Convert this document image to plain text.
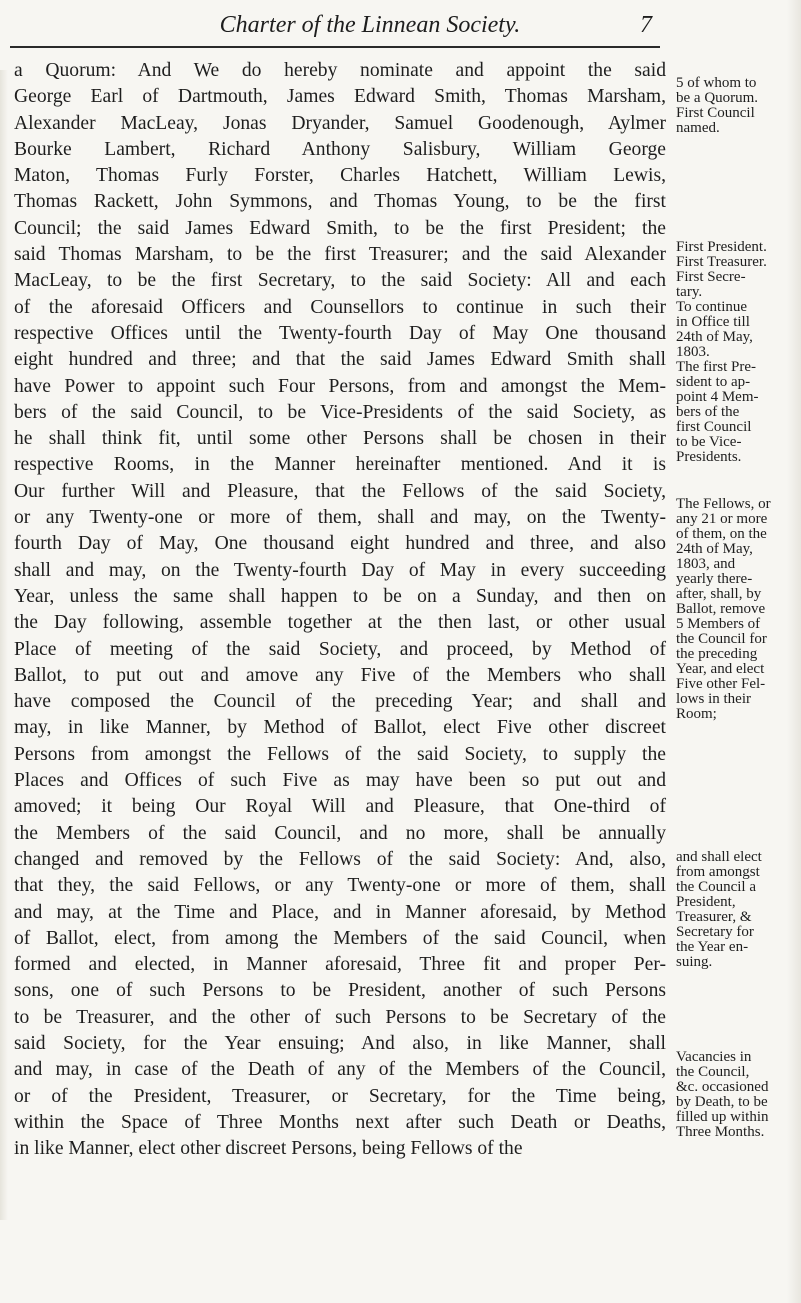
Charter of the Linnean Society.	7
a Quorum: And We do hereby nominate and appoint the said
George Earl of Dartmouth, James Edward Smith, Thomas Marsham,
Alexander MacLeay, Jonas Dryander, Samuel Goodenough, Aylmer
Bourke Lambert, Richard Anthony Salisbury, William George
Maton, Thomas Furly Forster, Charles Hatchett, William Lewis,
Thomas Rackett, John Symmons, and Thomas Young, to be the first
Council; the said James Edward Smith, to be the first President; the
said Thomas Marsham, to be the first Treasurer; and the said Alexander
MacLeay, to be the first Secretary, to the said Society: All and each
of the aforesaid Officers and Counsellors to continue in such their
respective Offices until the Twenty-fourth Day of May One thousand
eight hundred and three; and that the said James Edward Smith shall
have Power to appoint such Four Persons, from and amongst the Mem-
bers of the said Council, to be Vice-Presidents of the said Society, as
he shall think fit, until some other Persons shall be chosen in their
respective Rooms, in the Manner hereinafter mentioned. And it is
Our further Will and Pleasure, that the Fellows of the said Society,
or any Twenty-one or more of them, shall and may, on the Twenty-
fourth Day of May, One thousand eight hundred and three, and also
shall and may, on the Twenty-fourth Day of May in every succeeding
Year, unless the same shall happen to be on a Sunday, and then on
the Day following, assemble together at the then last, or other usual
Place of meeting of the said Society, and proceed, by Method of
Ballot, to put out and amove any Five of the Members who shall
have composed the Council of the preceding Year; and shall and
may, in like Manner, by Method of Ballot, elect Five other discreet
Persons from amongst the Fellows of the said Society, to supply the
Places and Offices of such Five as may have been so put out and
amoved; it being Our Royal Will and Pleasure, that One-third of
the Members of the said Council, and no more, shall be annually
changed and removed by the Fellows of the said Society: And, also,
that they, the said Fellows, or any Twenty-one or more of them, shall
and may, at the Time and Place, and in Manner aforesaid, by Method
of Ballot, elect, from among the Members of the said Council, when
formed and elected, in Manner aforesaid, Three fit and proper Per-
sons, one of such Persons to be President, another of such Persons
to be Treasurer, and the other of such Persons to be Secretary of the
said Society, for the Year ensuing; And also, in like Manner, shall
and may, in case of the Death of any of the Members of the Council,
or of the President, Treasurer, or Secretary, for the Time being,
within the Space of Three Months next after such Death or Deaths,
in like Manner, elect other discreet Persons, being Fellows of the
5 of whom to
be a Quorum.
First Council
named.
First President.
First Treasurer.
First Secre-
tary.
To continue
in Office till
24th of May,
1803.
The first Pre-
sident to ap-
point 4 Mem-
bers of the
first Council
to be Vice-
Presidents.
The Fellows, or
any 21 or more
of them, on the
24th of May,
1803, and
yearly there-
after, shall, by
Ballot, remove
5 Members of
the Council for
the preceding
Year, and elect
Five other Fel-
lows in their
Room;
and shall elect
from amongst
the Council a
President,
Treasurer, &
Secretary for
the Year en-
suing.
Vacancies in
the Council,
&c. occasioned
by Death, to be
filled up within
Three Months.
